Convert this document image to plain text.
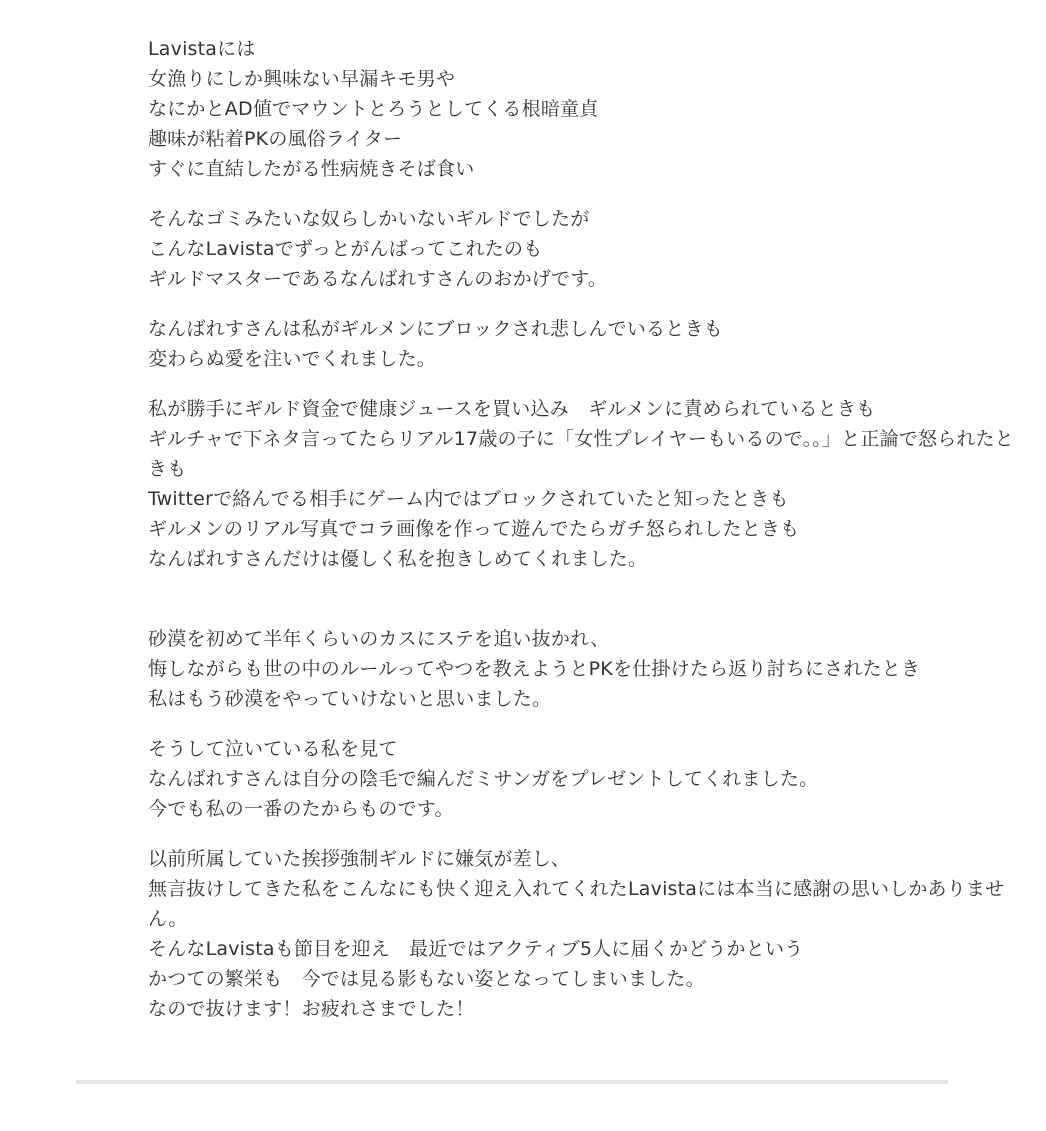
Lavistaには
女漁りにしか興味ない早漏キモ男や
なにかとAD値でマウントとろうとしてくる根暗童貞
趣味が粘着PKの風俗ライター
すぐに直結したがる性病焼きそば食い

そんなゴミみたいな奴らしかいないギルドでしたが
こんなLavistaでずっとがんばってこれたのも
ギルドマスターであるなんばれすさんのおかげです。

なんばれすさんは私がギルメンにブロックされ悲しんでいるときも
変わらぬ愛を注いでくれました。

私が勝手にギルド資金で健康ジュースを買い込み　ギルメンに責められているときも
ギルチャで下ネタ言ってたらリアル17歳の子に「女性プレイヤーもいるので。。」と正論で怒られたときも
Twitterで絡んでる相手にゲーム内ではブロックされていたと知ったときも
ギルメンのリアル写真でコラ画像を作って遊んでたらガチ怒られしたときも
なんばれすさんだけは優しく私を抱きしめてくれました。

砂漠を初めて半年くらいのカスにステを追い抜かれ、
悔しながらも世の中のルールってやつを教えようとPKを仕掛けたら返り討ちにされたとき
私はもう砂漠をやっていけないと思いました。

そうして泣いている私を見て
なんばれすさんは自分の陰毛で編んだミサンガをプレゼントしてくれました。
今でも私の一番のたからものです。

以前所属していた挨拶強制ギルドに嫌気が差し、
無言抜けしてきた私をこんなにも快く迎え入れてくれたLavistaには本当に感謝の思いしかありません。
そんなLavistaも節目を迎え　最近ではアクティブ5人に届くかどうかという
かつての繁栄も　今では見る影もない姿となってしまいました。
なので抜けます！お疲れさまでした！
